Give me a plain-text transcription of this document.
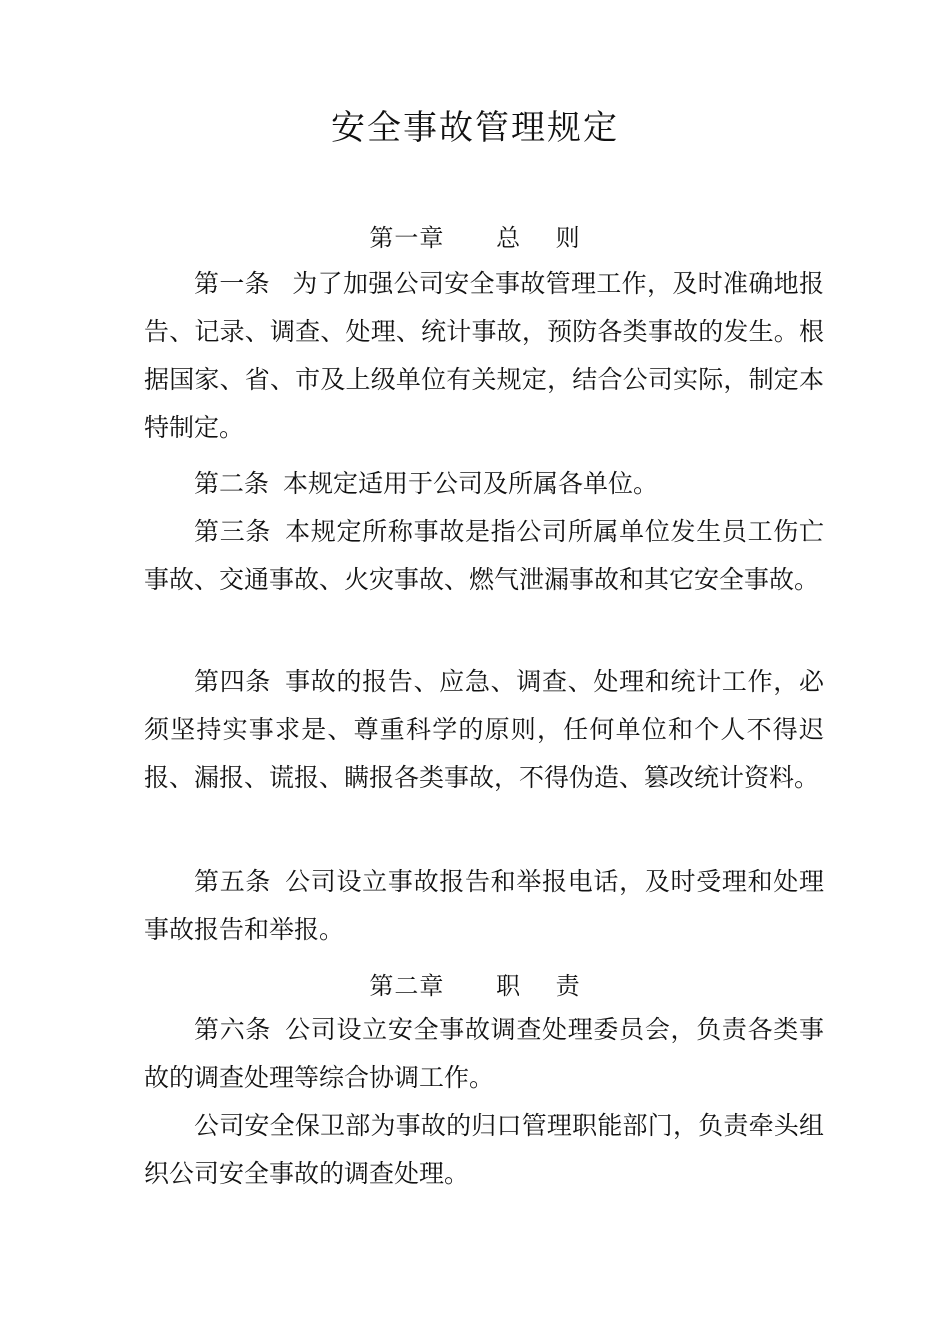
安全事故管理规定
第一章      总    则

第一条 为了加强公司安全事故管理工作，及时准确地报告、记录、调查、处理、统计事故，预防各类事故的发生。根据国家、省、市及上级单位有关规定，结合公司实际，制定本特制定。

第二条 本规定适用于公司及所属各单位。

第三条 本规定所称事故是指公司所属单位发生员工伤亡事故、交通事故、火灾事故、燃气泄漏事故和其它安全事故。

第四条 事故的报告、应急、调查、处理和统计工作，必须坚持实事求是、尊重科学的原则，任何单位和个人不得迟报、漏报、谎报、瞒报各类事故，不得伪造、篡改统计资料。

第五条 公司设立事故报告和举报电话，及时受理和处理事故报告和举报。

第二章      职    责

第六条 公司设立安全事故调查处理委员会，负责各类事故的调查处理等综合协调工作。

公司安全保卫部为事故的归口管理职能部门，负责牵头组织公司安全事故的调查处理。
